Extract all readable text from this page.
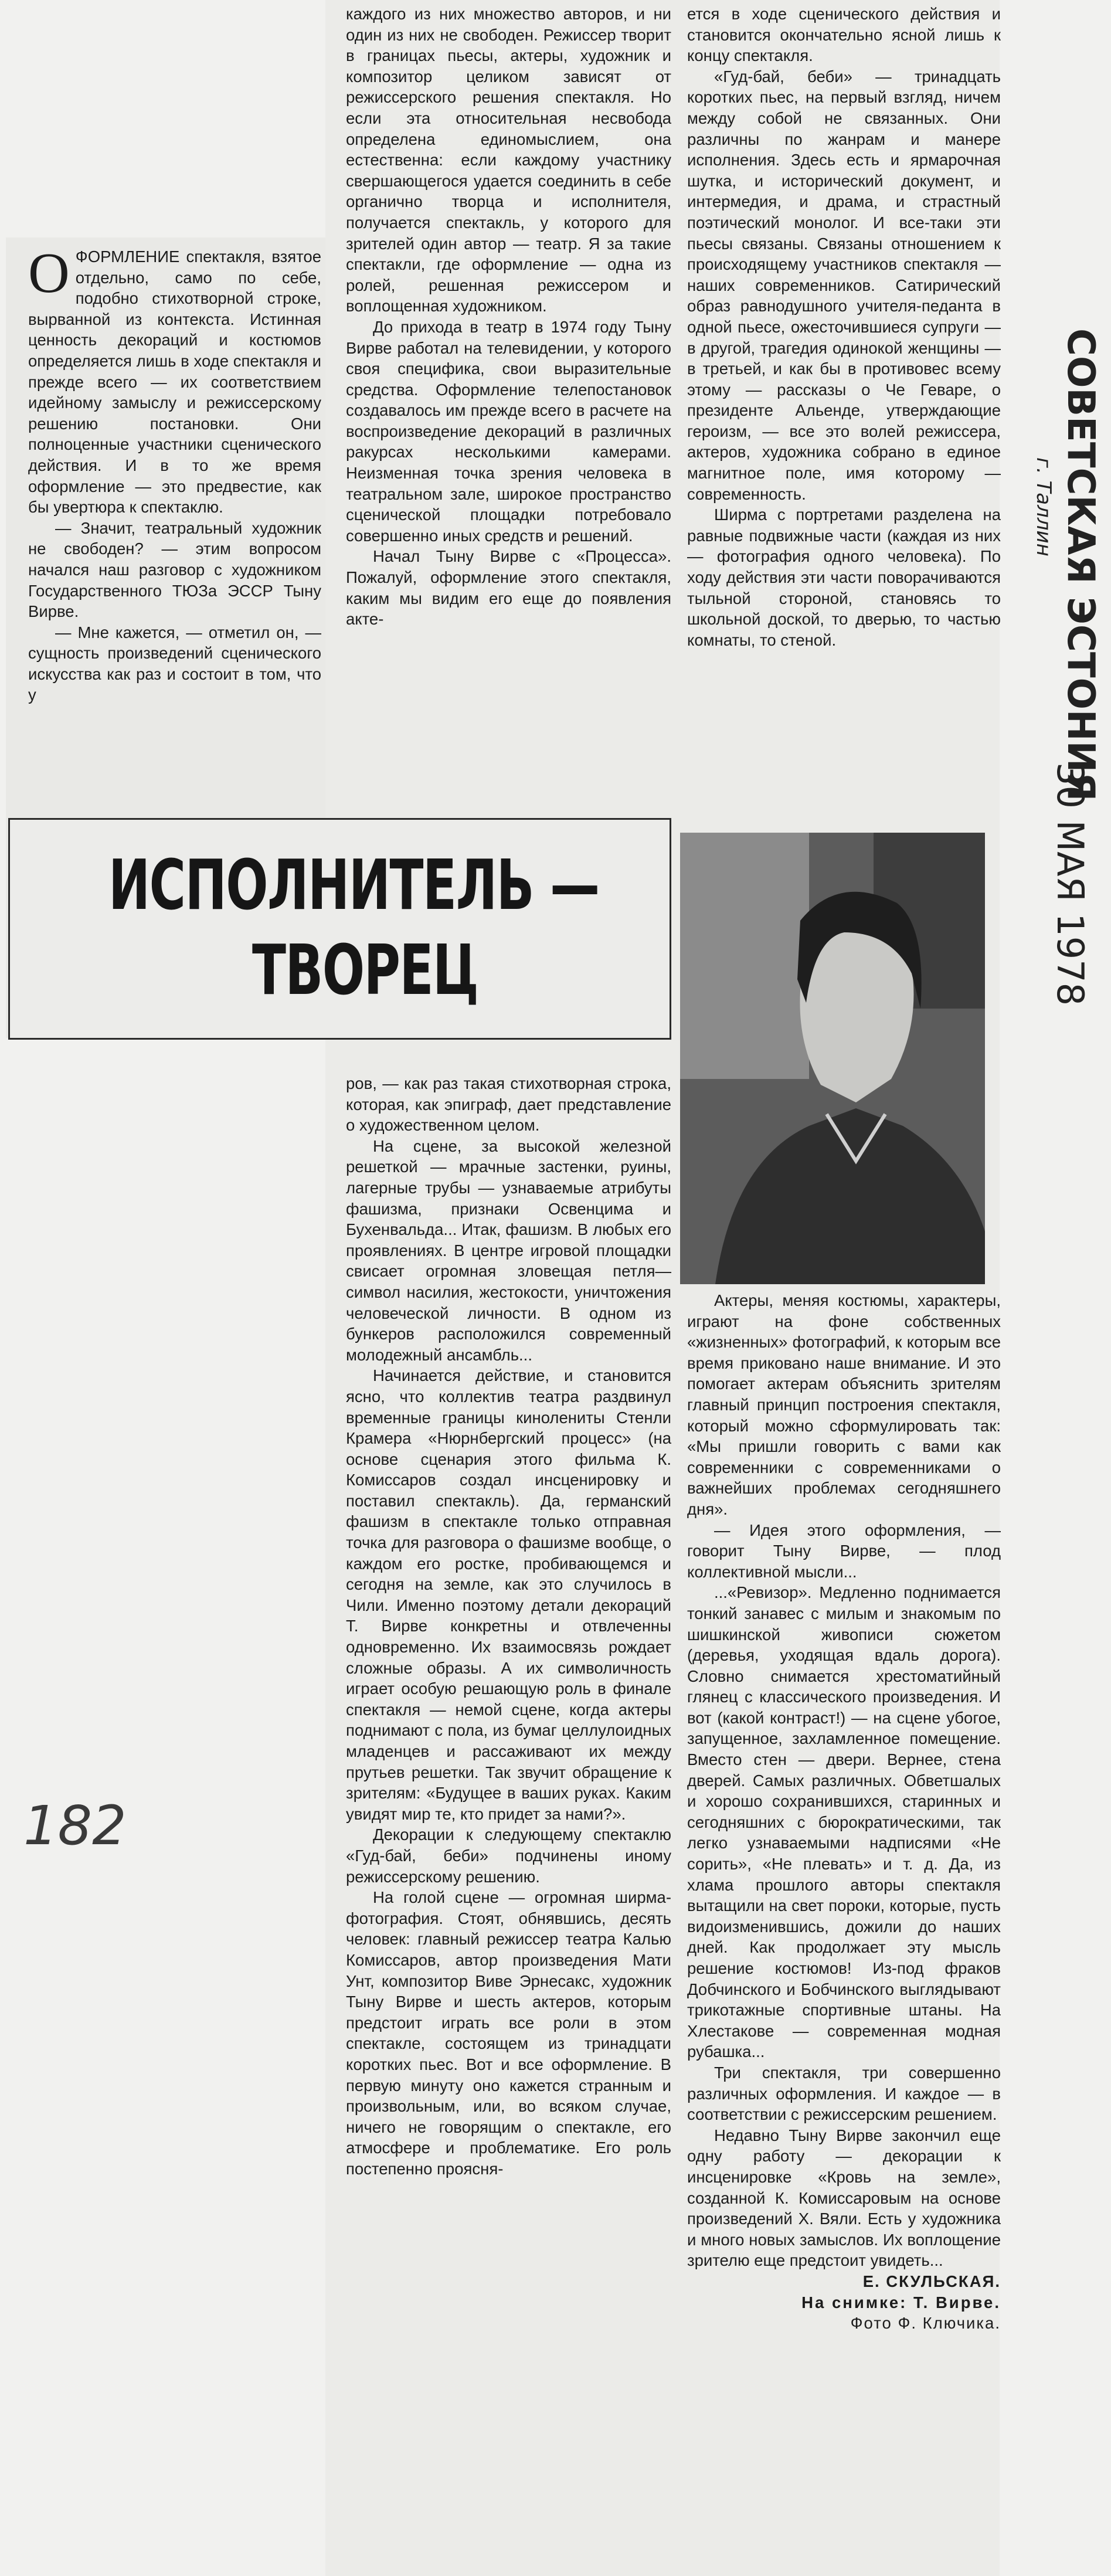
О ФОРМЛЕНИЕ спектакля, взятое отдельно, само по себе, подобно стихотворной строке, вырванной из контекста. Истинная ценность декораций и костюмов определяется лишь в ходе спектакля и прежде всего — их соответствием идейному замыслу и режиссерскому решению постановки. Они полноценные участники сценического действия. И в то же время оформление — это предвестие, как бы увертюра к спектаклю.

— Значит, театральный художник не свободен? — этим вопросом начался наш разговор с художником Государственного ТЮЗа ЭССР Тыну Вирве.

— Мне кажется, — отметил он, — сущность произведений сценического искусства как раз и состоит в том, что у

ИСПОЛНИТЕЛЬ —
ТВОРЕЦ

каждого из них множество авторов, и ни один из них не свободен. Режиссер творит в границах пьесы, актеры, художник и композитор целиком зависят от режиссерского решения спектакля. Но если эта относительная несвобода определена единомыслием, она естественна: если каждому участнику свершающегося удается соединить в себе органично творца и исполнителя, получается спектакль, у которого для зрителей один автор — театр. Я за такие спектакли, где оформление — одна из ролей, решенная режиссером и воплощенная художником.

До прихода в театр в 1974 году Тыну Вирве работал на телевидении, у которого своя специфика, свои выразительные средства. Оформление телепостановок создавалось им прежде всего в расчете на воспроизведение декораций в различных ракурсах несколькими камерами. Неизменная точка зрения человека в театральном зале, широкое пространство сценической площадки потребовало совершенно иных средств и решений.

Начал Тыну Вирве с «Процесса». Пожалуй, оформление этого спектакля, каким мы видим его еще до появления акте-

ется в ходе сценического действия и становится окончательно ясной лишь к концу спектакля.

«Гуд-бай, беби» — тринадцать коротких пьес, на первый взгляд, ничем между собой не связанных. Они различны по жанрам и манере исполнения. Здесь есть и ярмарочная шутка, и исторический документ, и интермедия, и драма, и страстный поэтический монолог. И все-таки эти пьесы связаны. Связаны отношением к происходящему участников спектакля — наших современников. Сатирический образ равнодушного учителя-педанта в одной пьесе, ожесточившиеся супруги — в другой, трагедия одинокой женщины — в третьей, и как бы в противовес всему этому — рассказы о Че Геваре, о президенте Альенде, утверждающие героизм, — все это волей режиссера, актеров, художника собрано в единое магнитное поле, имя которому — современность.

Ширма с портретами разделена на равные подвижные части (каждая из них — фотография одного человека). По ходу действия эти части поворачиваются тыльной стороной, становясь то школьной доской, то дверью, то частью комнаты, то стеной.

ров, — как раз такая стихотворная строка, которая, как эпиграф, дает представление о художественном целом.

На сцене, за высокой железной решеткой — мрачные застенки, руины, лагерные трубы — узнаваемые атрибуты фашизма, признаки Освенцима и Бухенвальда... Итак, фашизм. В любых его проявлениях. В центре игровой площадки свисает огромная зловещая петля—символ насилия, жестокости, уничтожения человеческой личности. В одном из бункеров расположился современный молодежный ансамбль...

Начинается действие, и становится ясно, что коллектив театра раздвинул временные границы кинолениты Стенли Крамера «Нюрнбергский процесс» (на основе сценария этого фильма К. Комиссаров создал инсценировку и поставил спектакль). Да, германский фашизм в спектакле только отправная точка для разговора о фашизме вообще, о каждом его ростке, пробивающемся и сегодня на земле, как это случилось в Чили. Именно поэтому детали декораций Т. Вирве конкретны и отвлеченны одновременно. Их взаимосвязь рождает сложные образы. А их символичность играет особую решающую роль в финале спектакля — немой сцене, когда актеры поднимают с пола, из бумаг целлулоидных младенцев и рассаживают их между прутьев решетки. Так звучит обращение к зрителям: «Будущее в ваших руках. Каким увидят мир те, кто придет за нами?».

Декорации к следующему спектаклю «Гуд-бай, беби» подчинены иному режиссерскому решению.

На голой сцене — огромная ширма-фотография. Стоят, обнявшись, десять человек: главный режиссер театра Калью Комиссаров, автор произведения Мати Унт, композитор Виве Эрнесакс, художник Тыну Вирве и шесть актеров, которым предстоит играть все роли в этом спектакле, состоящем из тринадцати коротких пьес. Вот и все оформление. В первую минуту оно кажется странным и произвольным, или, во всяком случае, ничего не говорящим о спектакле, его атмосфере и проблематике. Его роль постепенно проясня-

Актеры, меняя костюмы, характеры, играют на фоне собственных «жизненных» фотографий, к которым все время приковано наше внимание. И это помогает актерам объяснить зрителям главный принцип построения спектакля, который можно сформулировать так: «Мы пришли говорить с вами как современники с современниками о важнейших проблемах сегодняшнего дня».

— Идея этого оформления, — говорит Тыну Вирве, — плод коллективной мысли...

...«Ревизор». Медленно поднимается тонкий занавес с милым и знакомым по шишкинской живописи сюжетом (деревья, уходящая вдаль дорога). Словно снимается хрестоматийный глянец с классического произведения. И вот (какой контраст!) — на сцене убогое, запущенное, захламленное помещение. Вместо стен — двери. Вернее, стена дверей. Самых различных. Обветшалых и хорошо сохранившихся, старинных и сегодняшних с бюрократическими, так легко узнаваемыми надписями «Не сорить», «Не плевать» и т. д. Да, из хлама прошлого авторы спектакля вытащили на свет пороки, которые, пусть видоизменившись, дожили до наших дней. Как продолжает эту мысль решение костюмов! Из-под фраков Добчинского и Бобчинского выглядывают трикотажные спортивные штаны. На Хлестакове — современная модная рубашка...

Три спектакля, три совершенно различных оформления. И каждое — в соответствии с режиссерским решением.

Недавно Тыну Вирве закончил еще одну работу — декорации к инсценировке «Кровь на земле», созданной К. Комиссаровым на основе произведений Х. Вяли. Есть у художника и много новых замыслов. Их воплощение зрителю еще предстоит увидеть...

Е. СКУЛЬСКАЯ.

На снимке: Т. Вирве.

Фото Ф. Ключика.

СОВЕТСКАЯ ЭСТОНИЯ
г. Таллин
30 МАЯ 1978
182
